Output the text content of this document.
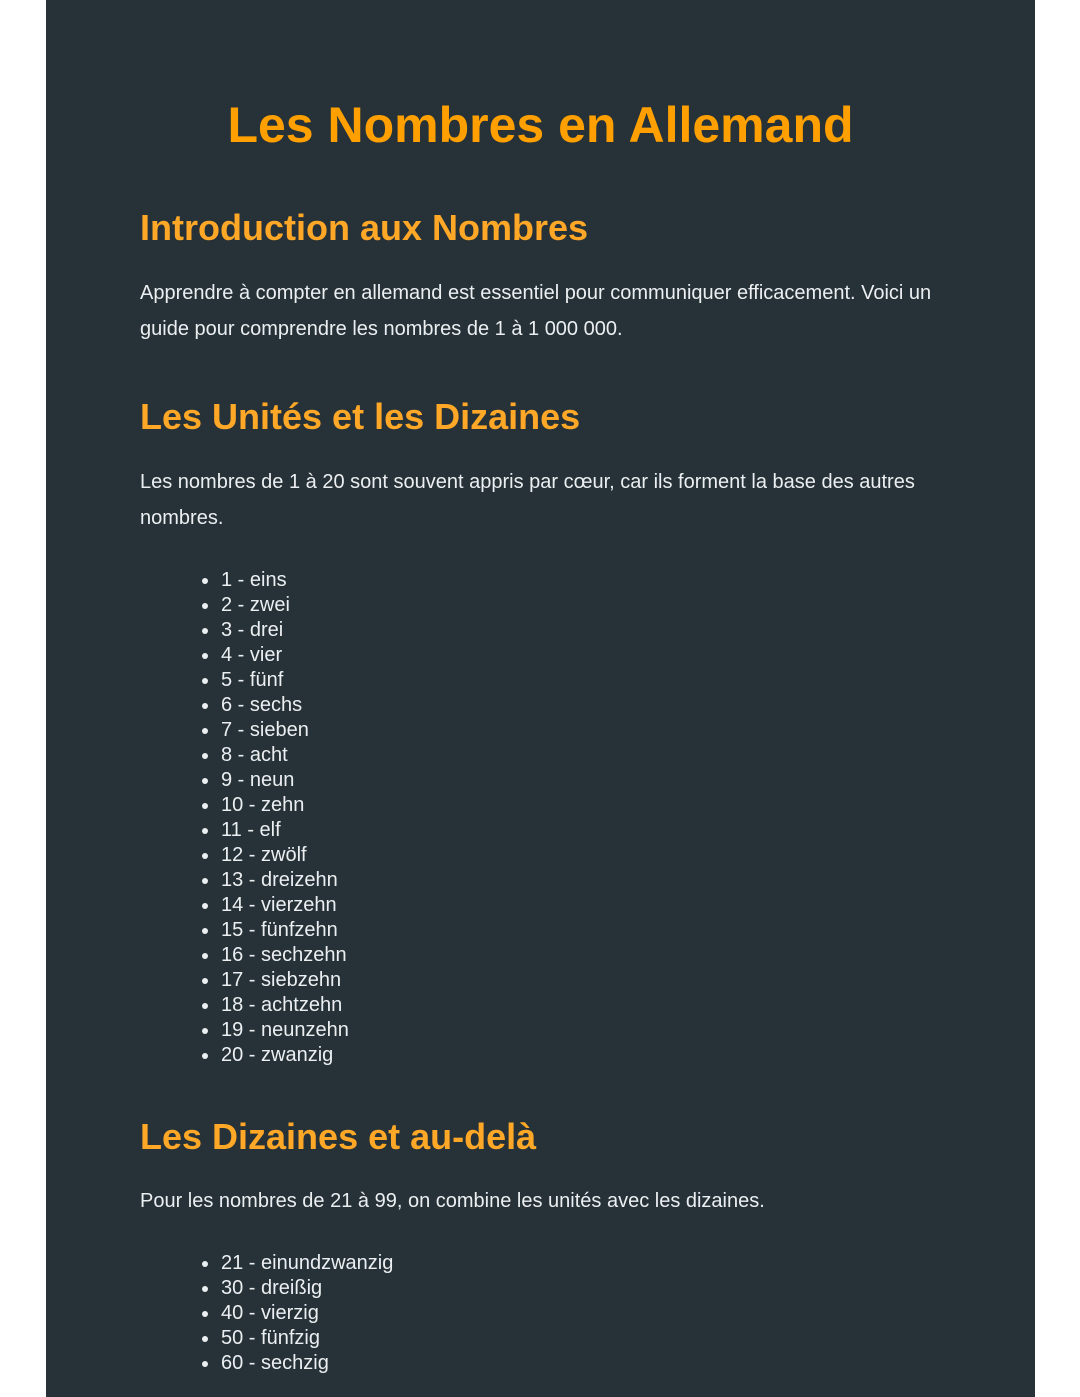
Les Nombres en Allemand
Introduction aux Nombres

Apprendre à compter en allemand est essentiel pour communiquer efficacement. Voici un guide pour comprendre les nombres de 1 à 1 000 000.

Les Unités et les Dizaines

Les nombres de 1 à 20 sont souvent appris par cœur, car ils forment la base des autres nombres.

1 - eins
2 - zwei
3 - drei
4 - vier
5 - fünf
6 - sechs
7 - sieben
8 - acht
9 - neun
10 - zehn
11 - elf
12 - zwölf
13 - dreizehn
14 - vierzehn
15 - fünfzehn
16 - sechzehn
17 - siebzehn
18 - achtzehn
19 - neunzehn
20 - zwanzig
Les Dizaines et au-delà

Pour les nombres de 21 à 99, on combine les unités avec les dizaines.

21 - einundzwanzig
30 - dreißig
40 - vierzig
50 - fünfzig
60 - sechzig
